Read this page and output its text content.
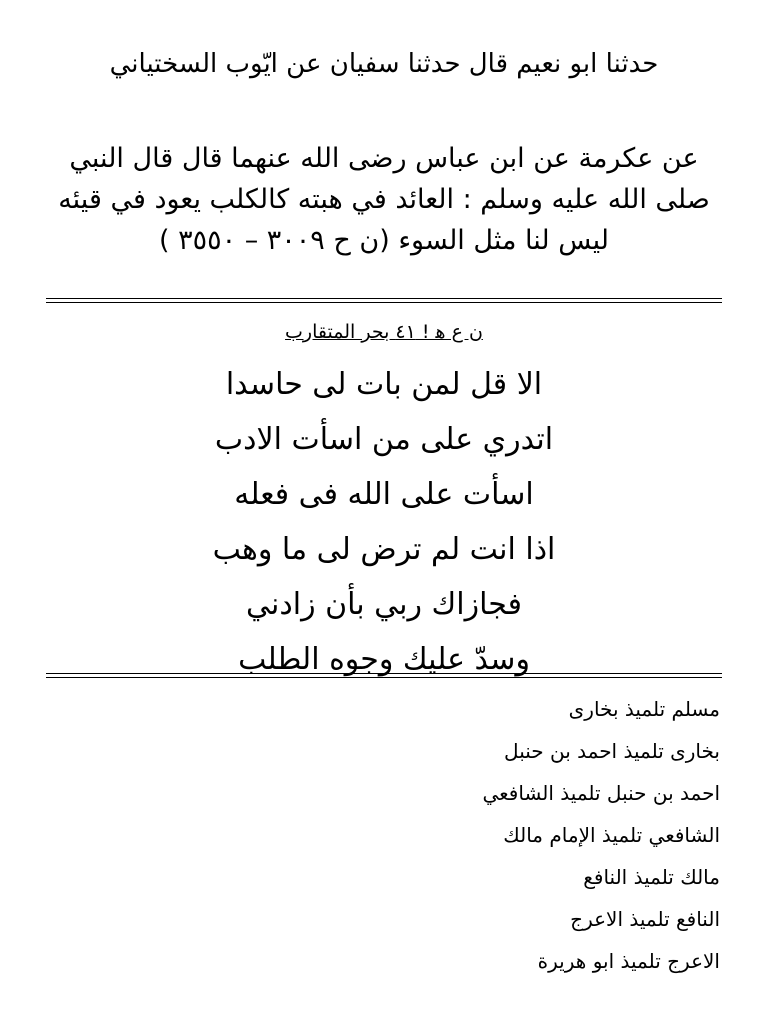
حدثنا ابو نعيم قال حدثنا سفيان عن ايّوب السختياني
عن عكرمة عن ابن عباس رضى الله عنهما قال قال النبي صلى الله عليه وسلم : العائد في هبته كالكلب يعود في قيئه ليس لنا مثل السوء (ن ح ٣٠٠٩ – ٣٥٥٠ )
ن ع ﻫ ! ٤١ بحر المتقارب
الا قل لمن بات لى حاسدا
اتدري على من اسأت الادب
اسأت على الله فى فعله
اذا انت لم ترض لى ما وهب
فجازاك ربي بأن زادني
وسدّ عليك وجوه الطلب
مسلم تلميذ بخارى
بخارى تلميذ احمد بن حنبل
احمد بن حنبل تلميذ الشافعي
الشافعي تلميذ الإمام مالك
مالك تلميذ النافع
النافع تلميذ الاعرج
الاعرج تلميذ ابو هريرة
